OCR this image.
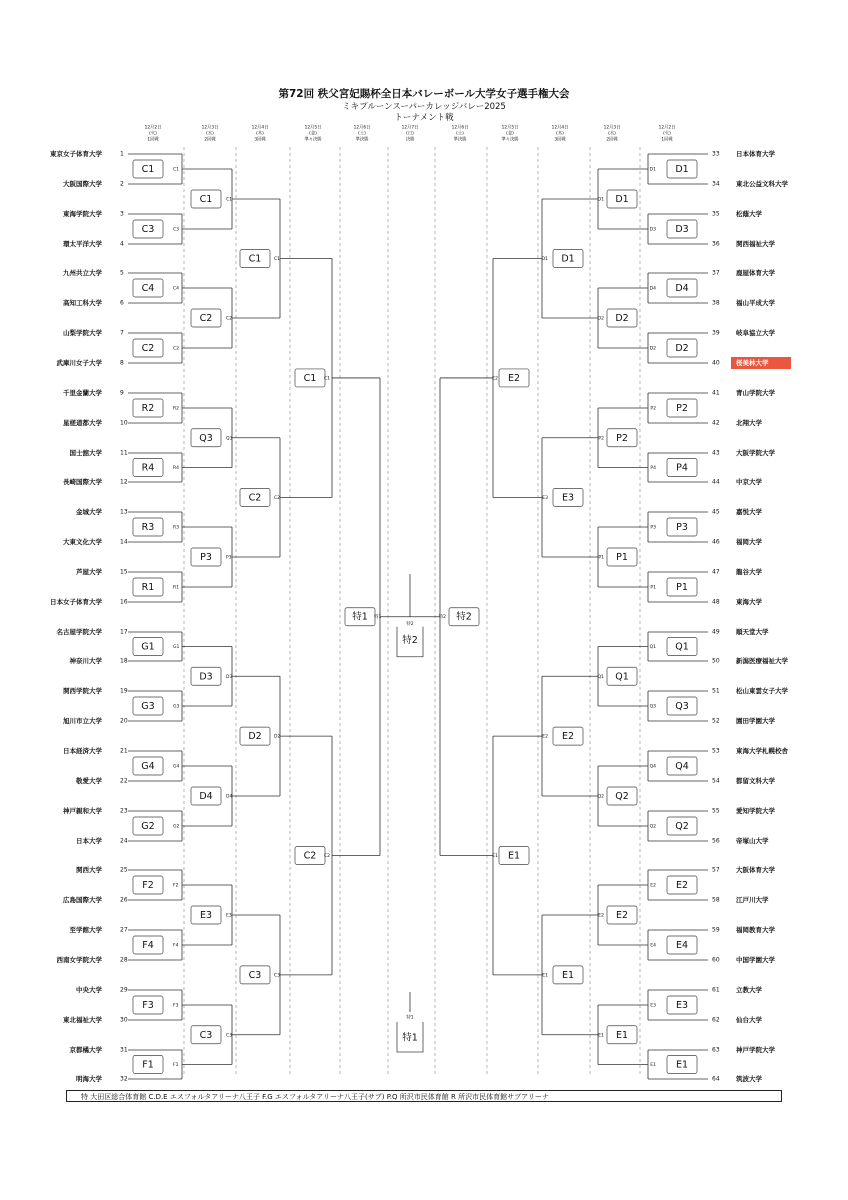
第72回 秩父宮妃賜杯全日本バレーボール大学女子選手権大会
ミキプルーンスーパーカレッジバレー2025
トーナメント戦
12月2日
(火)
1回戦
12月3日
(水)
2回戦
12月4日
(木)
3回戦
12月5日
(金)
準々決勝
12月6日
(土)
準決勝
12月7日
(日)
決勝
12月6日
(土)
準決勝
12月5日
(金)
準々決勝
12月4日
(木)
3回戦
12月3日
(水)
2回戦
12月2日
(火)
1回戦
東京女子体育大学	1
大阪国際大学	2
東海学院大学	3
環太平洋大学	4
九州共立大学	5
高知工科大学	6
山梨学院大学	7
武庫川女子大学	8
千里金蘭大学	9
星槎道都大学	10
国士舘大学	11
長崎国際大学	12
金城大学	13
大東文化大学	14
芦屋大学	15
日本女子体育大学	16
名古屋学院大学	17
神奈川大学	18
関西学院大学	19
旭川市立大学	20
日本経済大学	21
敬愛大学	22
神戸親和大学	23
日本大学	24
関西大学	25
広島国際大学	26
至学館大学	27
西南女学院大学	28
中央大学	29
東北福祉大学	30
京都橘大学	31
明海大学	32
C1	C1
C3	C3
C4	C4
C2	C2
R2	R2
R4	R4
R3	R3
R1	R1
G1	G1
G3	G3
G4	G4
G2	G2
F2	F2
F4	F4
F3	F3
F1	F1
C1	C1
C2	C2
Q3	Q3
P3	P3
D3	D3
D4	D4
E3	E3
C3	C3
C1	C1
C2	C2
D2	D2
C3	C3
C1 C1
C2 C2
特1 特1
日本体育大学
33
東北公益文科大学
34
松蔭大学
35
関西福祉大学
36
鹿屋体育大学
37
福山平成大学
38
岐阜協立大学
39
桜美林大学
40
青山学院大学
41
北翔大学
42
大阪学院大学
43
中京大学
44
嘉悦大学
45
福岡大学
46
龍谷大学
47
東海大学
48
順天堂大学
49
新潟医療福祉大学
50
松山東雲女子大学
51
園田学園大学
52
東海大学札幌校舎
53
都留文科大学
54
愛知学院大学
55
帝塚山大学
56
大阪体育大学
57
江戸川大学
58
福岡教育大学
59
中国学園大学
60
立教大学
61
仙台大学
62
神戸学院大学
63
筑波大学
64
D1
D1
D3
D3
D4
D4
D2
D2
P2
P2
P4
P4
P3
P3
P1
P1
Q1
Q1
Q3
Q3
Q4
Q4
Q2
Q2
E2
E2
E4
E4
E3
E3
E1
E1
D1
D1
D2
D2
P2
P2
P1
P1
Q1
Q1
Q2
Q2
E2
E2
E1
E1
D1
D1
E3
E3
E2
E2
E1
E1
E2
E2
E1
E1
特2
特2
特2
特2
特1
特1
特 大田区総合体育館 C.D.E エスフォルタアリーナ八王子 F.G エスフォルタアリーナ八王子(サブ) P.Q 所沢市民体育館 R 所沢市民体育館サブアリーナ
